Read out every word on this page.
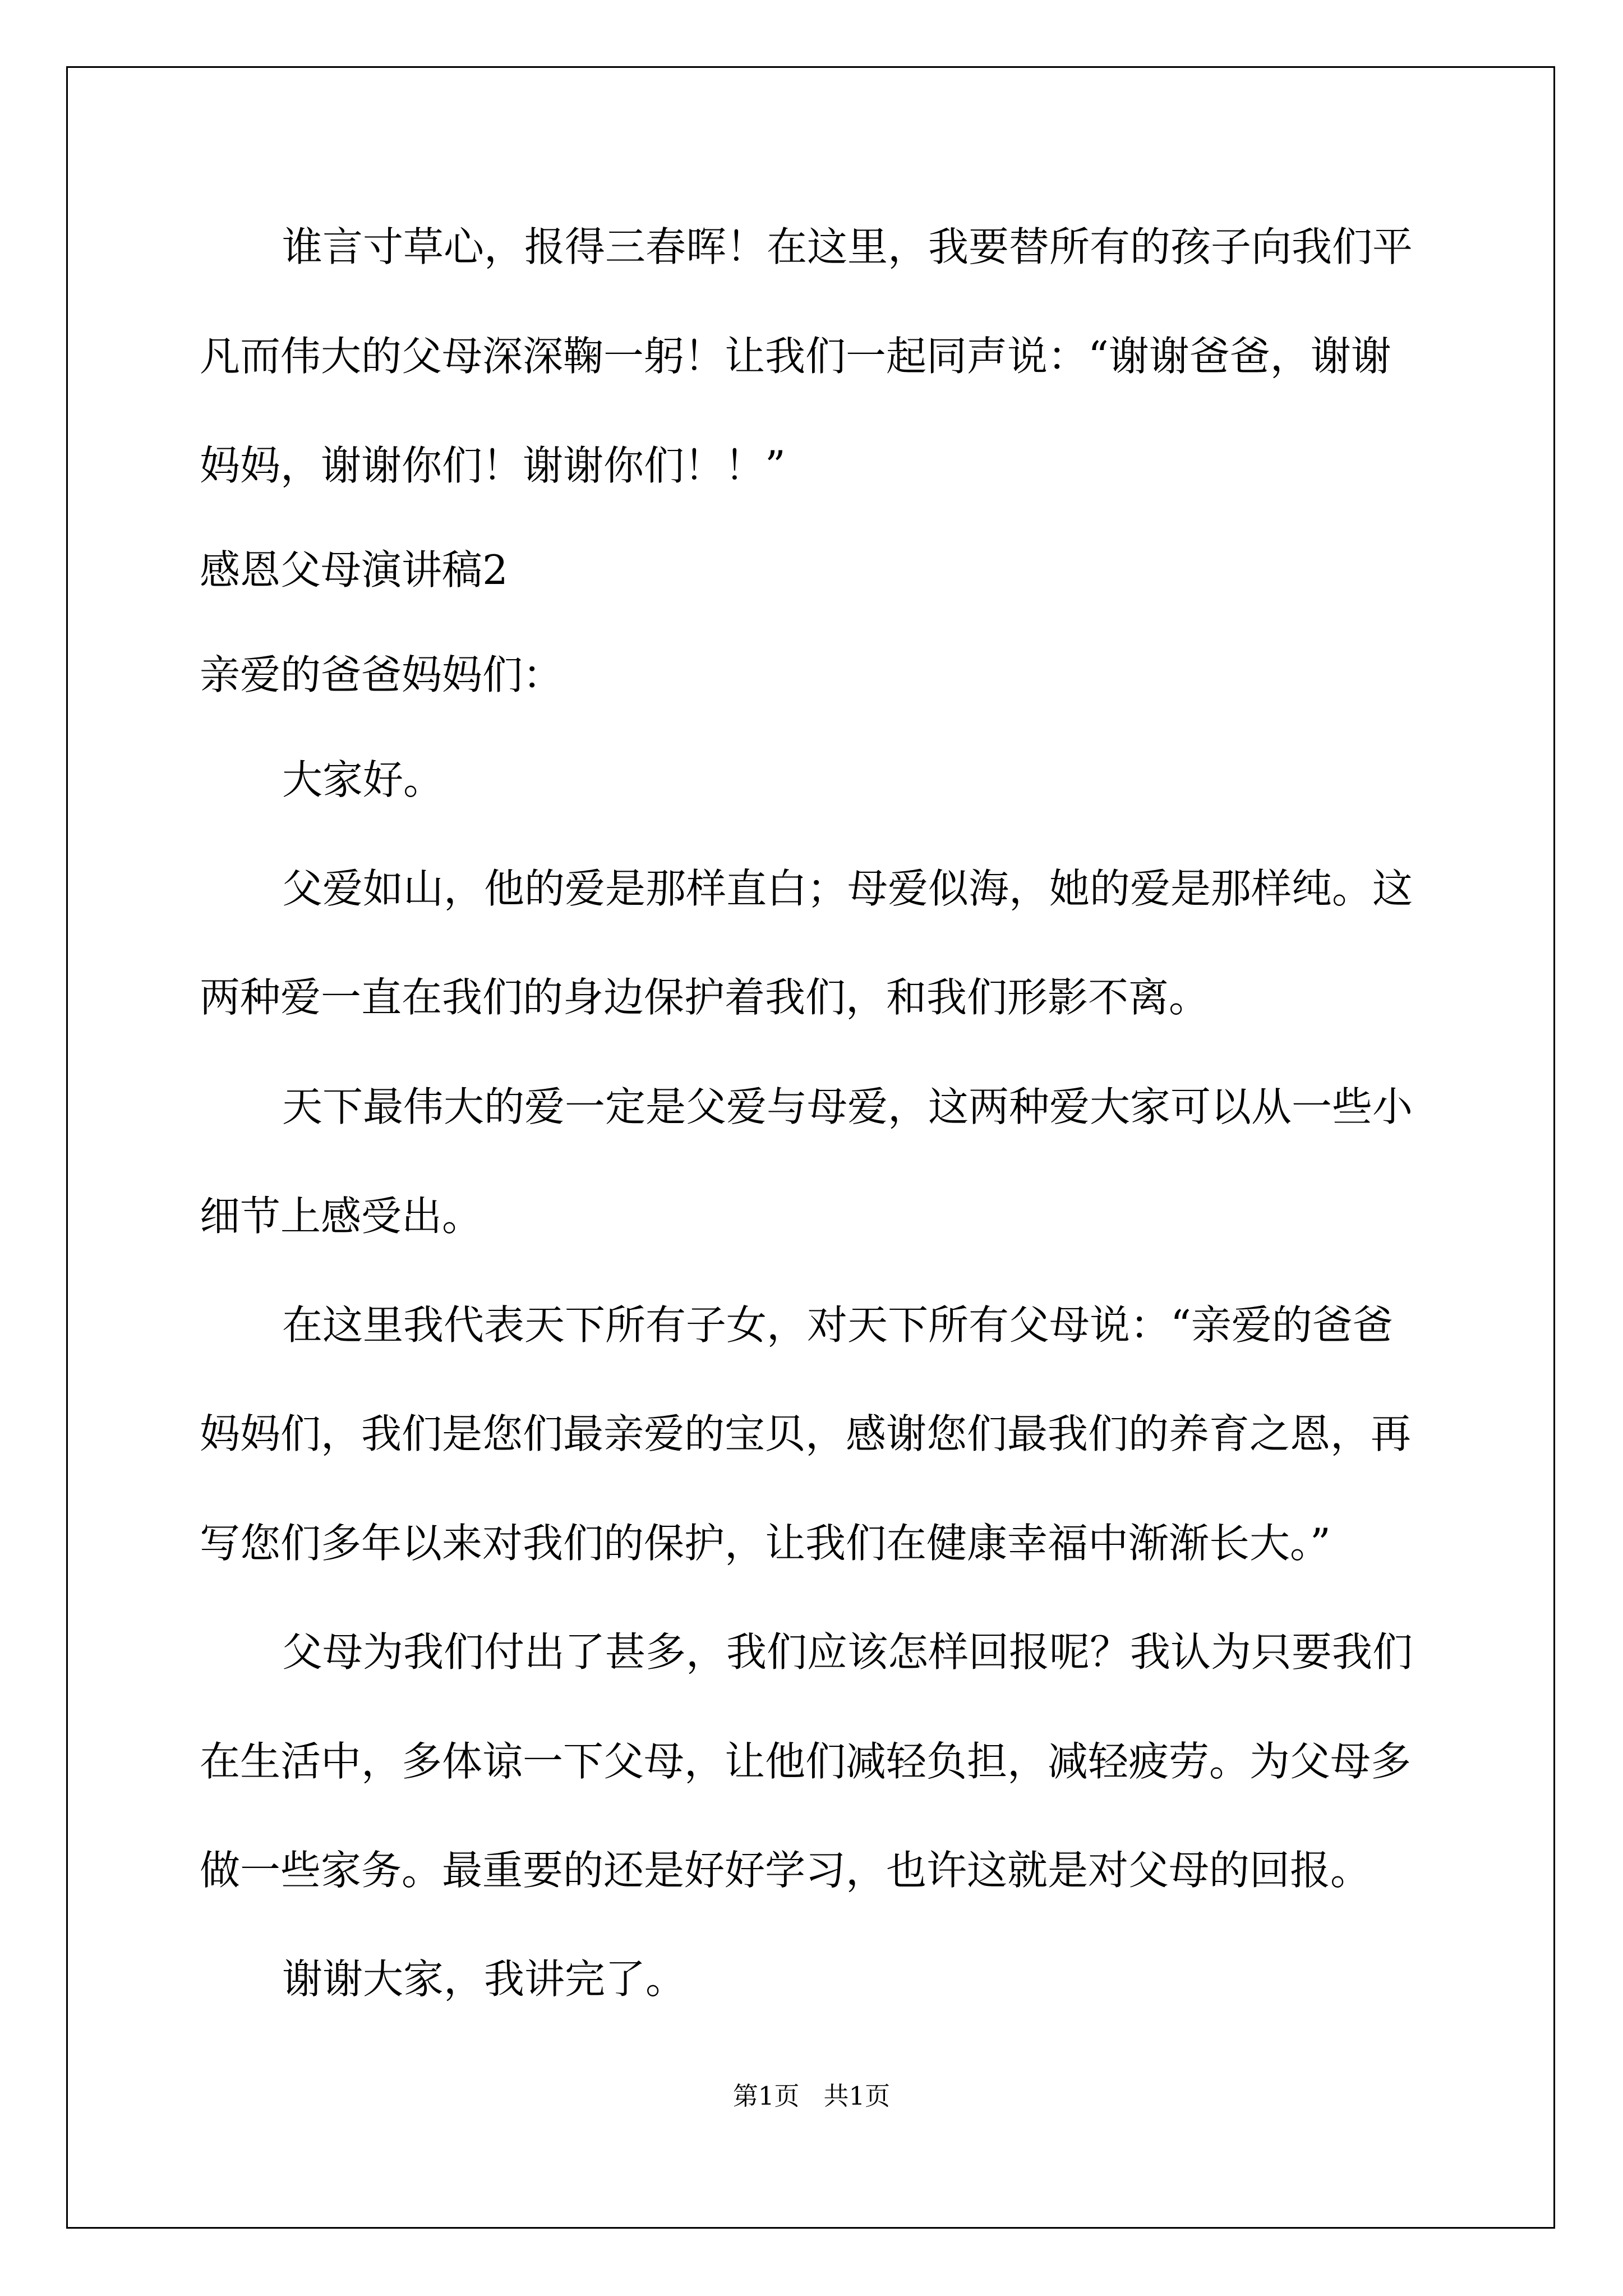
谁言寸草心，报得三春晖！在这里，我要替所有的孩子向我们平

凡而伟大的父母深深鞠一躬！让我们一起同声说：“谢谢爸爸，谢谢

妈妈，谢谢你们！谢谢你们！！”

感恩父母演讲稿2

亲爱的爸爸妈妈们：

大家好。

父爱如山，他的爱是那样直白；母爱似海，她的爱是那样纯。这

两种爱一直在我们的身边保护着我们，和我们形影不离。

天下最伟大的爱一定是父爱与母爱，这两种爱大家可以从一些小

细节上感受出。

在这里我代表天下所有子女，对天下所有父母说：“亲爱的爸爸

妈妈们，我们是您们最亲爱的宝贝，感谢您们最我们的养育之恩，再

写您们多年以来对我们的保护，让我们在健康幸福中渐渐长大。”

父母为我们付出了甚多，我们应该怎样回报呢？我认为只要我们

在生活中，多体谅一下父母，让他们减轻负担，减轻疲劳。为父母多

做一些家务。最重要的还是好好学习，也许这就是对父母的回报。

谢谢大家，我讲完了。

第1页   共1页
